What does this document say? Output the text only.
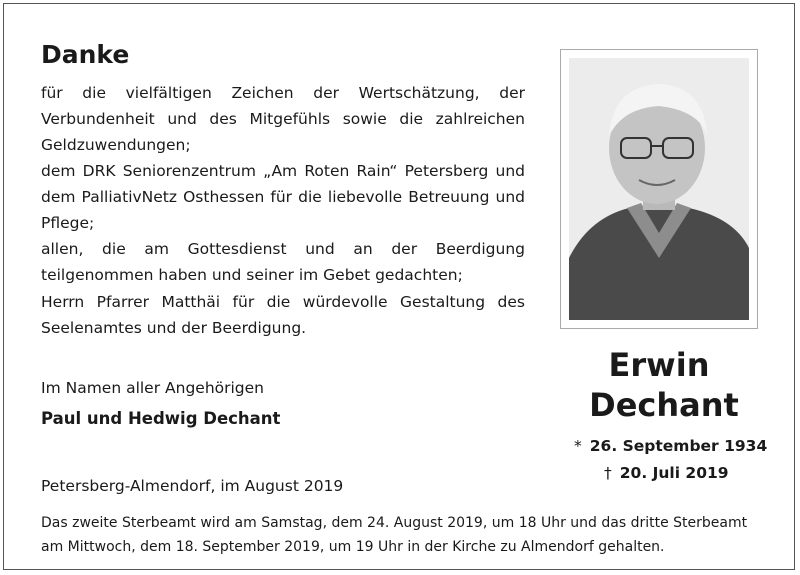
Danke

für die vielfältigen Zeichen der Wertschätzung, der Verbundenheit und des Mitgefühls sowie die zahlreichen Geldzuwendungen;

dem DRK Seniorenzentrum „Am Roten Rain“ Petersberg und dem PalliativNetz Osthessen für die liebevolle Betreuung und Pflege;

allen, die am Gottesdienst und an der Beerdigung teilgenommen haben und seiner im Gebet gedachten;

Herrn Pfarrer Matthäi für die würdevolle Gestaltung des Seelenamtes und der Beerdigung.

Im Namen aller Angehörigen
Paul und Hedwig Dechant
Petersberg-Almendorf, im August 2019
Das zweite Sterbeamt wird am Samstag, dem 24. August 2019, um 18 Uhr und das dritte Sterbeamt am Mittwoch, dem 18. September 2019, um 19 Uhr in der Kirche zu Almendorf gehalten.
Erwin
Dechant
* 26. September 1934
† 20. Juli 2019
